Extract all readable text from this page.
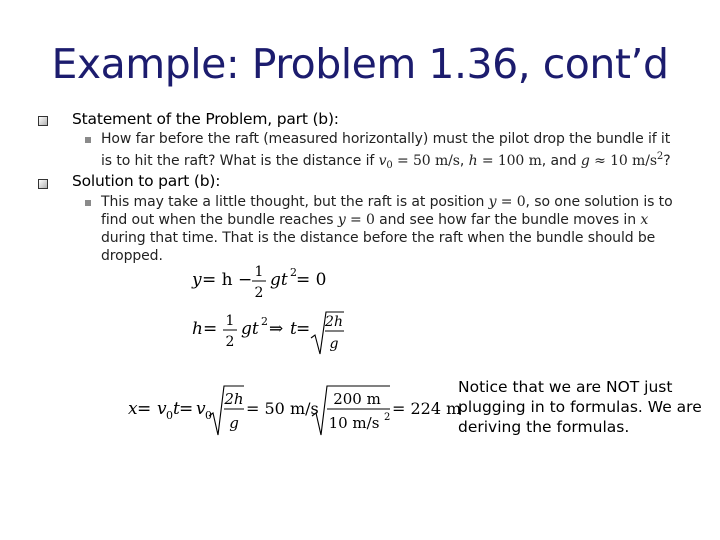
Example: Problem 1.36, cont’d
Statement of the Problem, part (b):
How far before the raft (measured horizontally) must the pilot drop the bundle if it
is to hit the raft? What is the distance if $v_0 = 50$ m/s, h = 100 m, and g ≈ 10 $m/s^2$?
Solution to part (b):
This may take a little thought, but the raft is at position y = 0, so one solution is to
find out when the bundle reaches y = 0 and see how far the bundle moves in x
during that time. That is the distance before the raft when the bundle should be
dropped.
y = h − 1
2
gt 2 = 0
h = 1
2
gt 2 ⇒ t = 2h
g
x = v 0 t = v 0
2h
g
= 50 m/s 200 m
10 m/s 2 = 224 m
Notice that we are NOT just plugging in to formulas. We are deriving the formulas.
